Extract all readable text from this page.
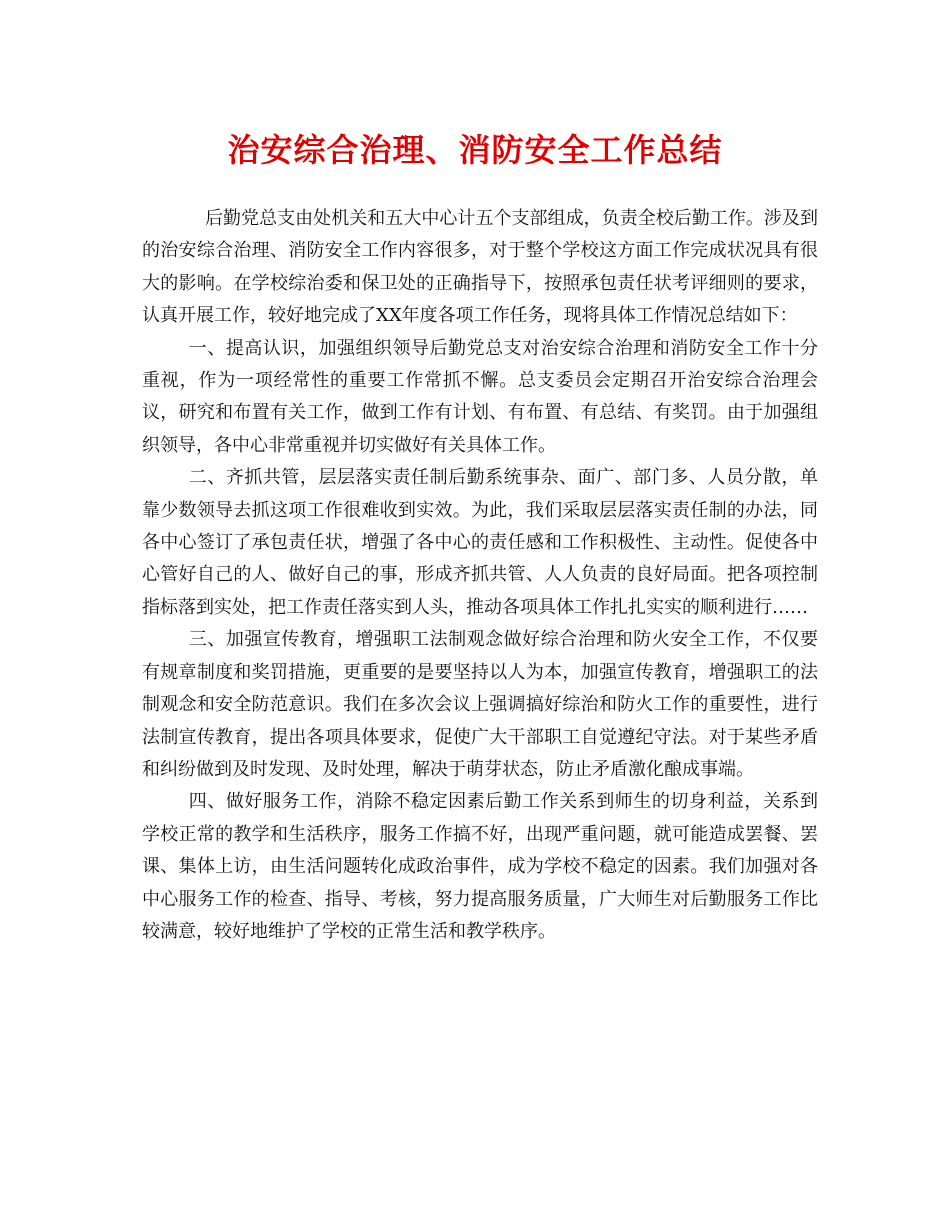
治安综合治理、消防安全工作总结

后勤党总支由处机关和五大中心计五个支部组成，负责全校后勤工作。涉及到的治安综合治理、消防安全工作内容很多，对于整个学校这方面工作完成状况具有很大的影响。在学校综治委和保卫处的正确指导下，按照承包责任状考评细则的要求，认真开展工作，较好地完成了XX年度各项工作任务，现将具体工作情况总结如下：

一、提高认识，加强组织领导后勤党总支对治安综合治理和消防安全工作十分重视，作为一项经常性的重要工作常抓不懈。总支委员会定期召开治安综合治理会议，研究和布置有关工作，做到工作有计划、有布置、有总结、有奖罚。由于加强组织领导，各中心非常重视并切实做好有关具体工作。

二、齐抓共管，层层落实责任制后勤系统事杂、面广、部门多、人员分散，单靠少数领导去抓这项工作很难收到实效。为此，我们采取层层落实责任制的办法，同各中心签订了承包责任状，增强了各中心的责任感和工作积极性、主动性。促使各中心管好自己的人、做好自己的事，形成齐抓共管、人人负责的良好局面。把各项控制指标落到实处，把工作责任落实到人头，推动各项具体工作扎扎实实的顺利进行……

三、加强宣传教育，增强职工法制观念做好综合治理和防火安全工作，不仅要有规章制度和奖罚措施，更重要的是要坚持以人为本，加强宣传教育，增强职工的法制观念和安全防范意识。我们在多次会议上强调搞好综治和防火工作的重要性，进行法制宣传教育，提出各项具体要求，促使广大干部职工自觉遵纪守法。对于某些矛盾和纠纷做到及时发现、及时处理，解决于萌芽状态，防止矛盾激化酿成事端。

四、做好服务工作，消除不稳定因素后勤工作关系到师生的切身利益，关系到学校正常的教学和生活秩序，服务工作搞不好，出现严重问题，就可能造成罢餐、罢课、集体上访，由生活问题转化成政治事件，成为学校不稳定的因素。我们加强对各中心服务工作的检查、指导、考核，努力提高服务质量，广大师生对后勤服务工作比较满意，较好地维护了学校的正常生活和教学秩序。
